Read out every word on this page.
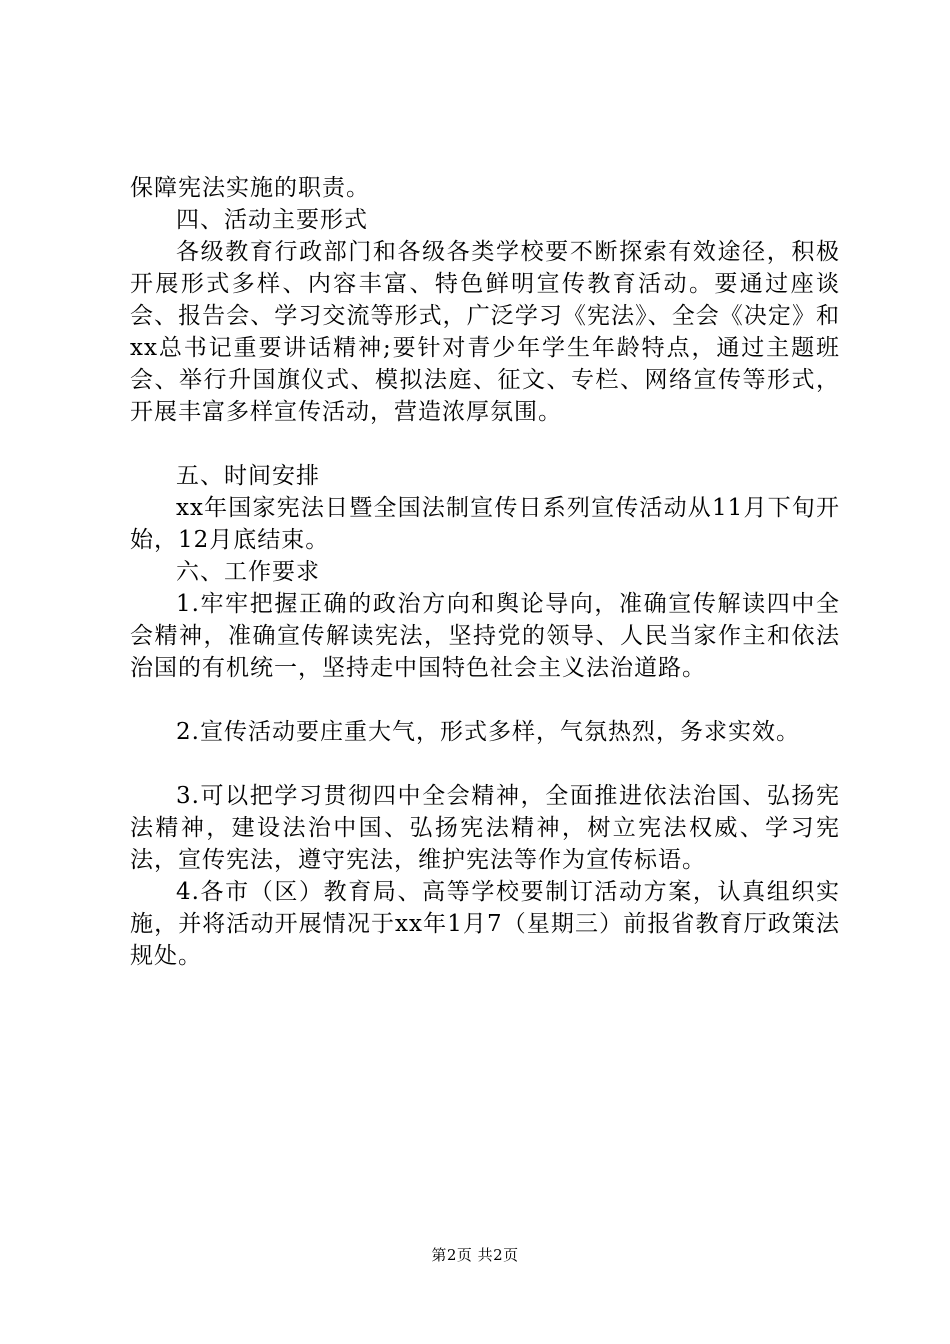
保障宪法实施的职责。

四、活动主要形式

各级教育行政部门和各级各类学校要不断探索有效途径，积极开展形式多样、内容丰富、特色鲜明宣传教育活动。要通过座谈会、报告会、学习交流等形式，广泛学习《宪法》、全会《决定》和xx总书记重要讲话精神;要针对青少年学生年龄特点，通过主题班会、举行升国旗仪式、模拟法庭、征文、专栏、网络宣传等形式，开展丰富多样宣传活动，营造浓厚氛围。

五、时间安排

xx年国家宪法日暨全国法制宣传日系列宣传活动从11月下旬开始，12月底结束。

六、工作要求

1.牢牢把握正确的政治方向和舆论导向，准确宣传解读四中全会精神，准确宣传解读宪法，坚持党的领导、人民当家作主和依法治国的有机统一，坚持走中国特色社会主义法治道路。

2.宣传活动要庄重大气，形式多样，气氛热烈，务求实效。

3.可以把学习贯彻四中全会精神，全面推进依法治国、弘扬宪法精神，建设法治中国、弘扬宪法精神，树立宪法权威、学习宪法，宣传宪法，遵守宪法，维护宪法等作为宣传标语。

4.各市（区）教育局、高等学校要制订活动方案，认真组织实施，并将活动开展情况于xx年1月7（星期三）前报省教育厅政策法规处。

第2页 共2页
